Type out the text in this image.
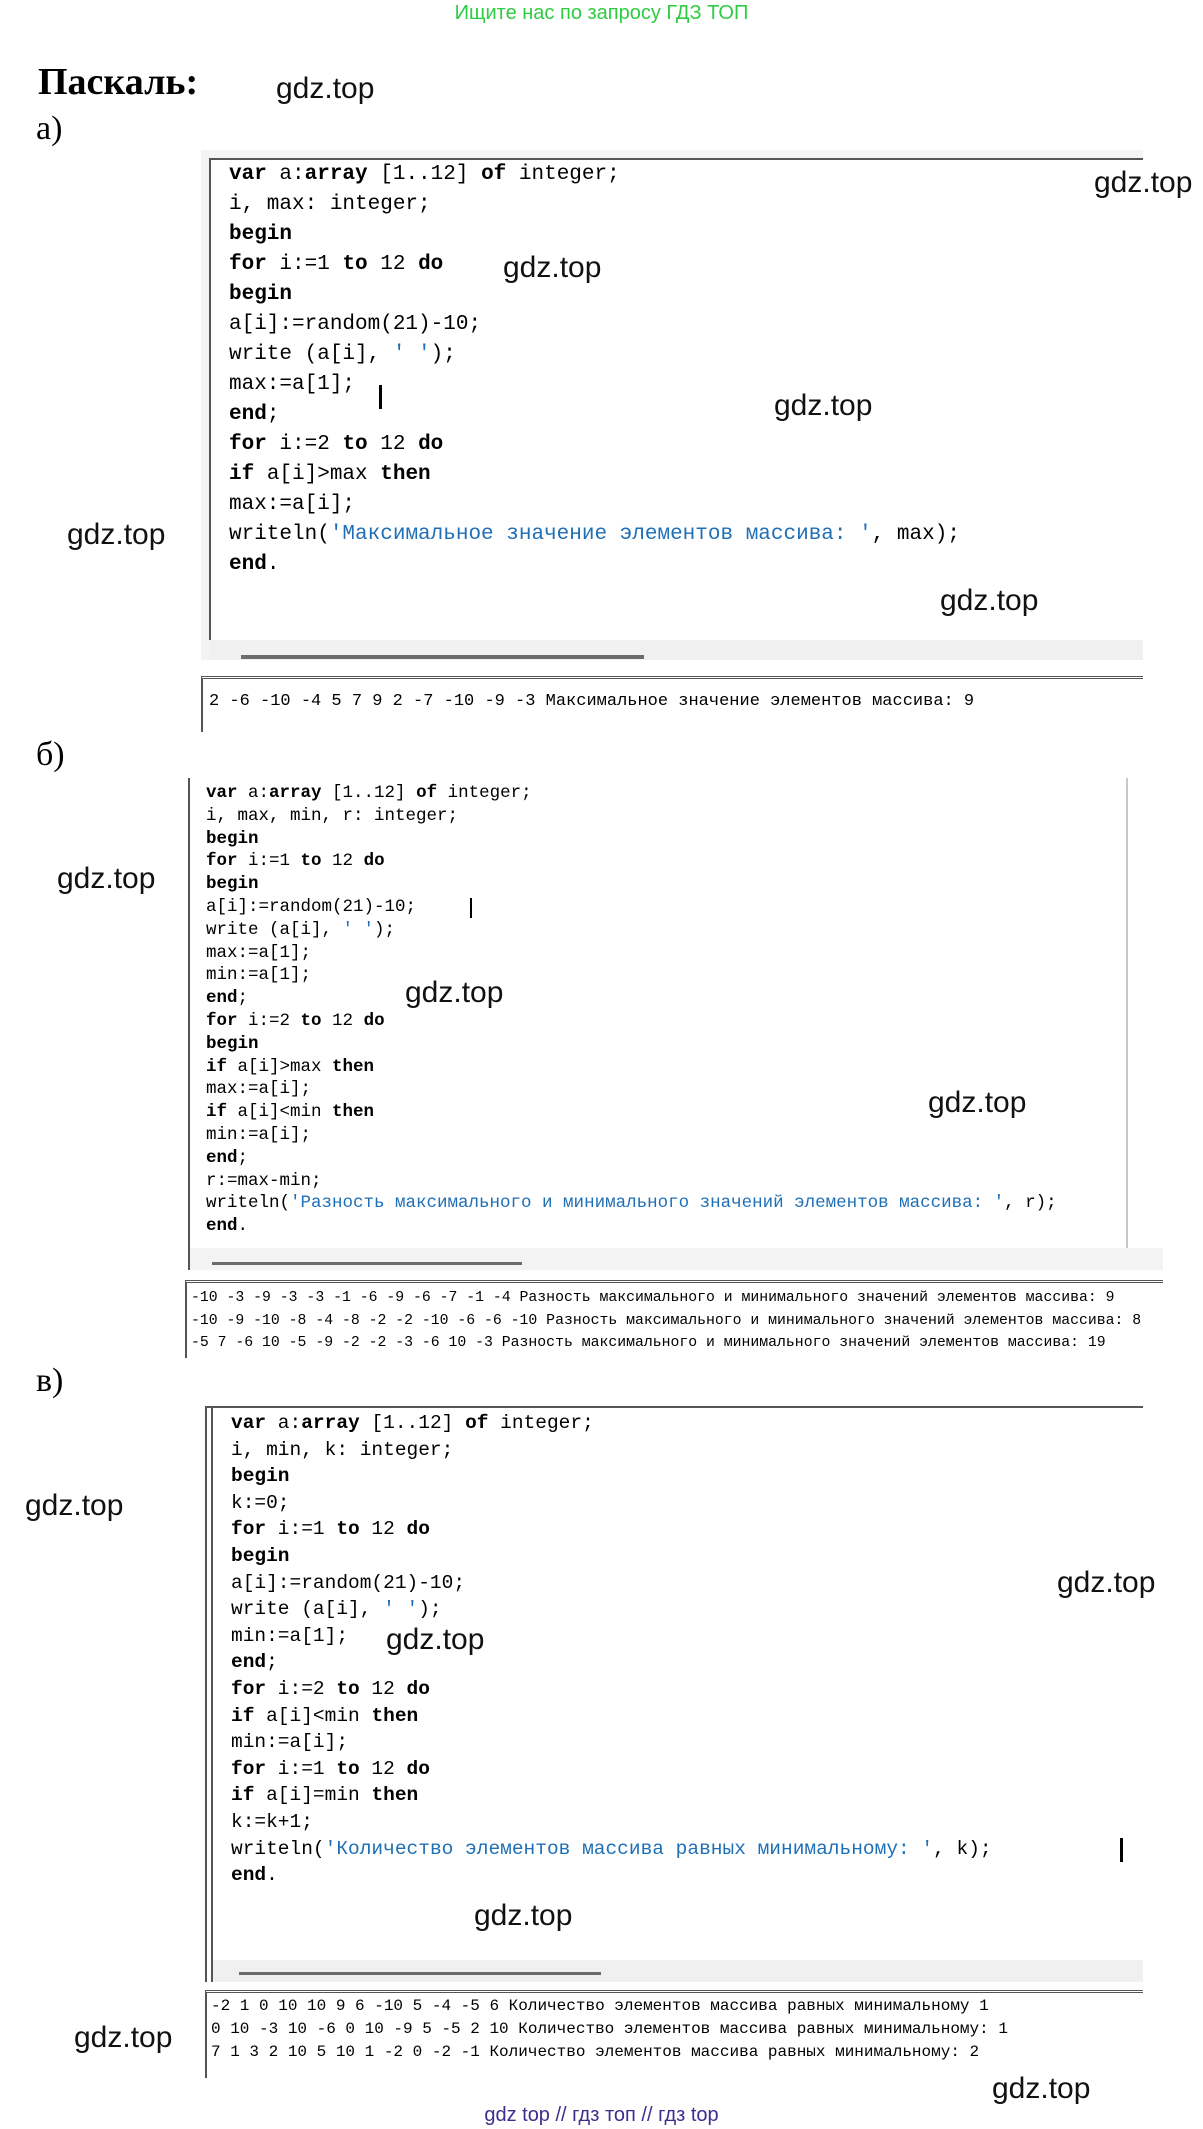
Ищите нас по запросу ГДЗ ТОП
Паскаль:	gdz.top
а)
var a:array [1..12] of integer;
i, max: integer;
begin
for i:=1 to 12 do
begin
a[i]:=random(21)-10;
write (a[i], ' ');
max:=a[1];
end;
for i:=2 to 12 do
if a[i]>max then
max:=a[i];
writeln('Максимальное значение элементов массива: ', max);
end.
gdz.top
gdz.top
gdz.top
gdz.top
gdz.top
2 -6 -10 -4 5 7 9 2 -7 -10 -9 -3 Максимальное значение элементов массива: 9
б)
var a:array [1..12] of integer;
i, max, min, r: integer;
begin
for i:=1 to 12 do
begin
a[i]:=random(21)-10;
write (a[i], ' ');
max:=a[1];
min:=a[1];
end;
for i:=2 to 12 do
begin
if a[i]>max then
max:=a[i];
if a[i]<min then
min:=a[i];
end;
r:=max-min;
writeln('Разность максимального и минимального значений элементов массива: ', r);
end.
gdz.top
gdz.top
gdz.top
-10 -3 -9 -3 -3 -1 -6 -9 -6 -7 -1 -4 Разность максимального и минимального значений элементов массива: 9
-10 -9 -10 -8 -4 -8 -2 -2 -10 -6 -6 -10 Разность максимального и минимального значений элементов массива: 8
-5 7 -6 10 -5 -9 -2 -2 -3 -6 10 -3 Разность максимального и минимального значений элементов массива: 19
в)
var a:array [1..12] of integer;
i, min, k: integer;
begin
k:=0;
for i:=1 to 12 do
begin
a[i]:=random(21)-10;
write (a[i], ' ');
min:=a[1];
end;
for i:=2 to 12 do
if a[i]<min then
min:=a[i];
for i:=1 to 12 do
if a[i]=min then
k:=k+1;
writeln('Количество элементов массива равных минимальному: ', k);
end.
gdz.top
gdz.top
gdz.top
gdz.top
-2 1 0 10 10 9 6 -10 5 -4 -5 6 Количество элементов массива равных минимальному 1
0 10 -3 10 -6 0 10 -9 5 -5 2 10 Количество элементов массива равных минимальному: 1
7 1 3 2 10 5 10 1 -2 0 -2 -1 Количество элементов массива равных минимальному: 2
gdz.top
gdz.top
gdz top // гдз топ // гдз top
